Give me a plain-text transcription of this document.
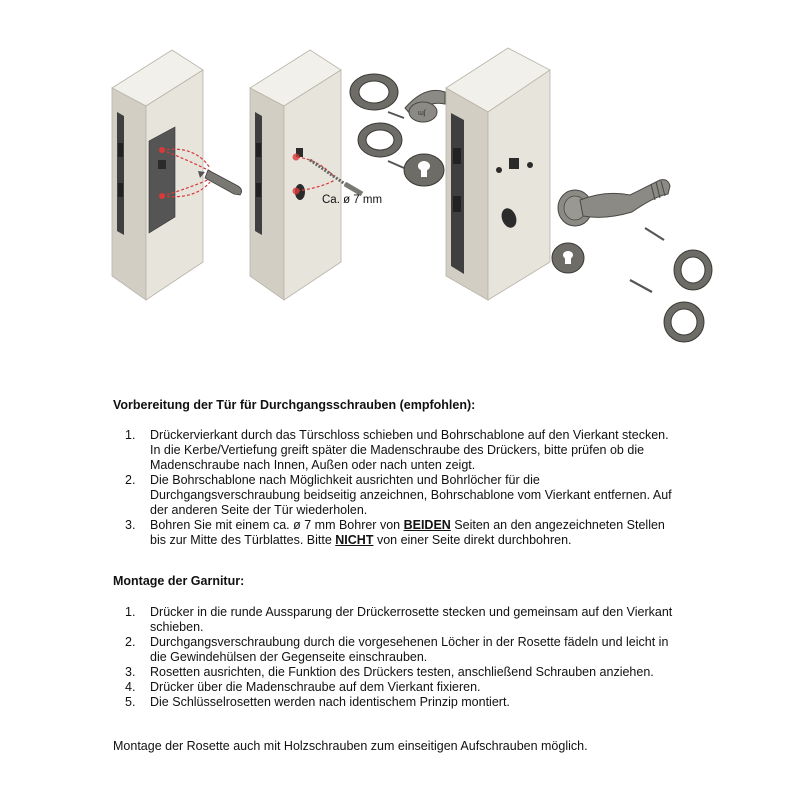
Ca. ø 7 mm
ɯʃ

Vorbereitung der Tür für Durchgangsschrauben (empfohlen):

1. Drückervierkant durch das Türschloss schieben und Bohrschablone auf den Vierkant stecken.
In die Kerbe/Vertiefung greift später die Madenschraube des Drückers, bitte prüfen ob die
Madenschraube nach Innen, Außen oder nach unten zeigt.
2. Die Bohrschablone nach Möglichkeit ausrichten und Bohrlöcher für die
Durchgangsverschraubung beidseitig anzeichnen, Bohrschablone vom Vierkant entfernen. Auf
der anderen Seite der Tür wiederholen.
3. Bohren Sie mit einem ca. ø 7 mm Bohrer von BEIDEN Seiten an den angezeichneten Stellen
bis zur Mitte des Türblattes. Bitte NICHT von einer Seite direkt durchbohren.

Montage der Garnitur:

1. Drücker in die runde Aussparung der Drückerrosette stecken und gemeinsam auf den Vierkant
schieben.
2. Durchgangsverschraubung durch die vorgesehenen Löcher in der Rosette fädeln und leicht in
die Gewindehülsen der Gegenseite einschrauben.
3. Rosetten ausrichten, die Funktion des Drückers testen, anschließend Schrauben anziehen.
4. Drücker über die Madenschraube auf dem Vierkant fixieren.
5. Die Schlüsselrosetten werden nach identischem Prinzip montiert.

Montage der Rosette auch mit Holzschrauben zum einseitigen Aufschrauben möglich.
